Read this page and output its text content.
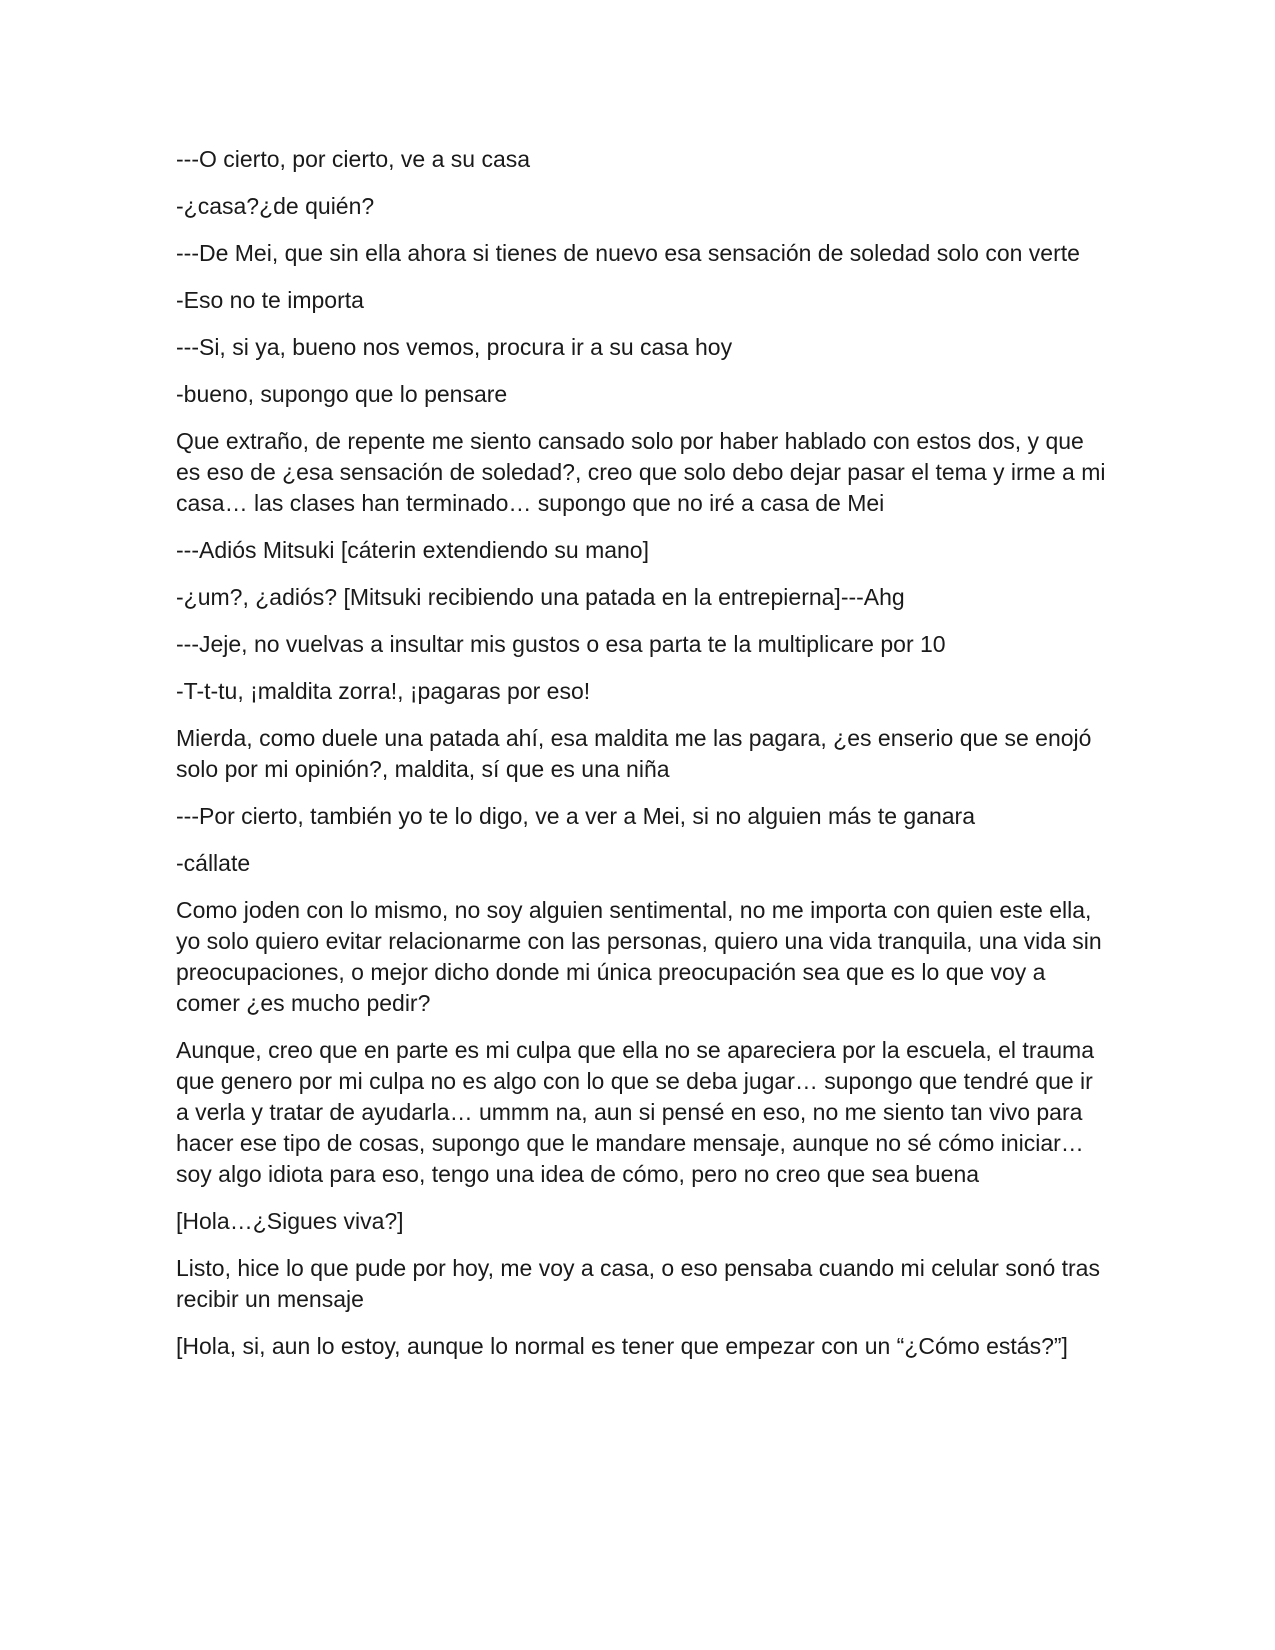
---O cierto, por cierto, ve a su casa

-¿casa?¿de quién?

---De Mei, que sin ella ahora si tienes de nuevo esa sensación de soledad solo con verte

-Eso no te importa

---Si, si ya, bueno nos vemos, procura ir a su casa hoy

-bueno, supongo que lo pensare

Que extraño, de repente me siento cansado solo por haber hablado con estos dos, y que es eso de ¿esa sensación de soledad?, creo que solo debo dejar pasar el tema y irme a mi casa… las clases han terminado… supongo que no iré a casa de Mei

---Adiós Mitsuki [cáterin extendiendo su mano]

-¿um?, ¿adiós? [Mitsuki recibiendo una patada en la entrepierna]---Ahg

---Jeje, no vuelvas a insultar mis gustos o esa parta te la multiplicare por 10

-T-t-tu, ¡maldita zorra!, ¡pagaras por eso!

Mierda, como duele una patada ahí, esa maldita me las pagara, ¿es enserio que se enojó solo por mi opinión?, maldita, sí que es una niña

---Por cierto, también yo te lo digo, ve a ver a Mei, si no alguien más te ganara

-cállate

Como joden con lo mismo, no soy alguien sentimental, no me importa con quien este ella, yo solo quiero evitar relacionarme con las personas, quiero una vida tranquila, una vida sin preocupaciones, o mejor dicho donde mi única preocupación sea que es lo que voy a comer ¿es mucho pedir?

Aunque, creo que en parte es mi culpa que ella no se apareciera por la escuela, el trauma que genero por mi culpa no es algo con lo que se deba jugar… supongo que tendré que ir a verla y tratar de ayudarla… ummm na, aun si pensé en eso, no me siento tan vivo para hacer ese tipo de cosas, supongo que le mandare mensaje, aunque no sé cómo iniciar… soy algo idiota para eso, tengo una idea de cómo, pero no creo que sea buena

[Hola…¿Sigues viva?]

Listo, hice lo que pude por hoy, me voy a casa, o eso pensaba cuando mi celular sonó tras recibir un mensaje

[Hola, si, aun lo estoy, aunque lo normal es tener que empezar con un “¿Cómo estás?”]
